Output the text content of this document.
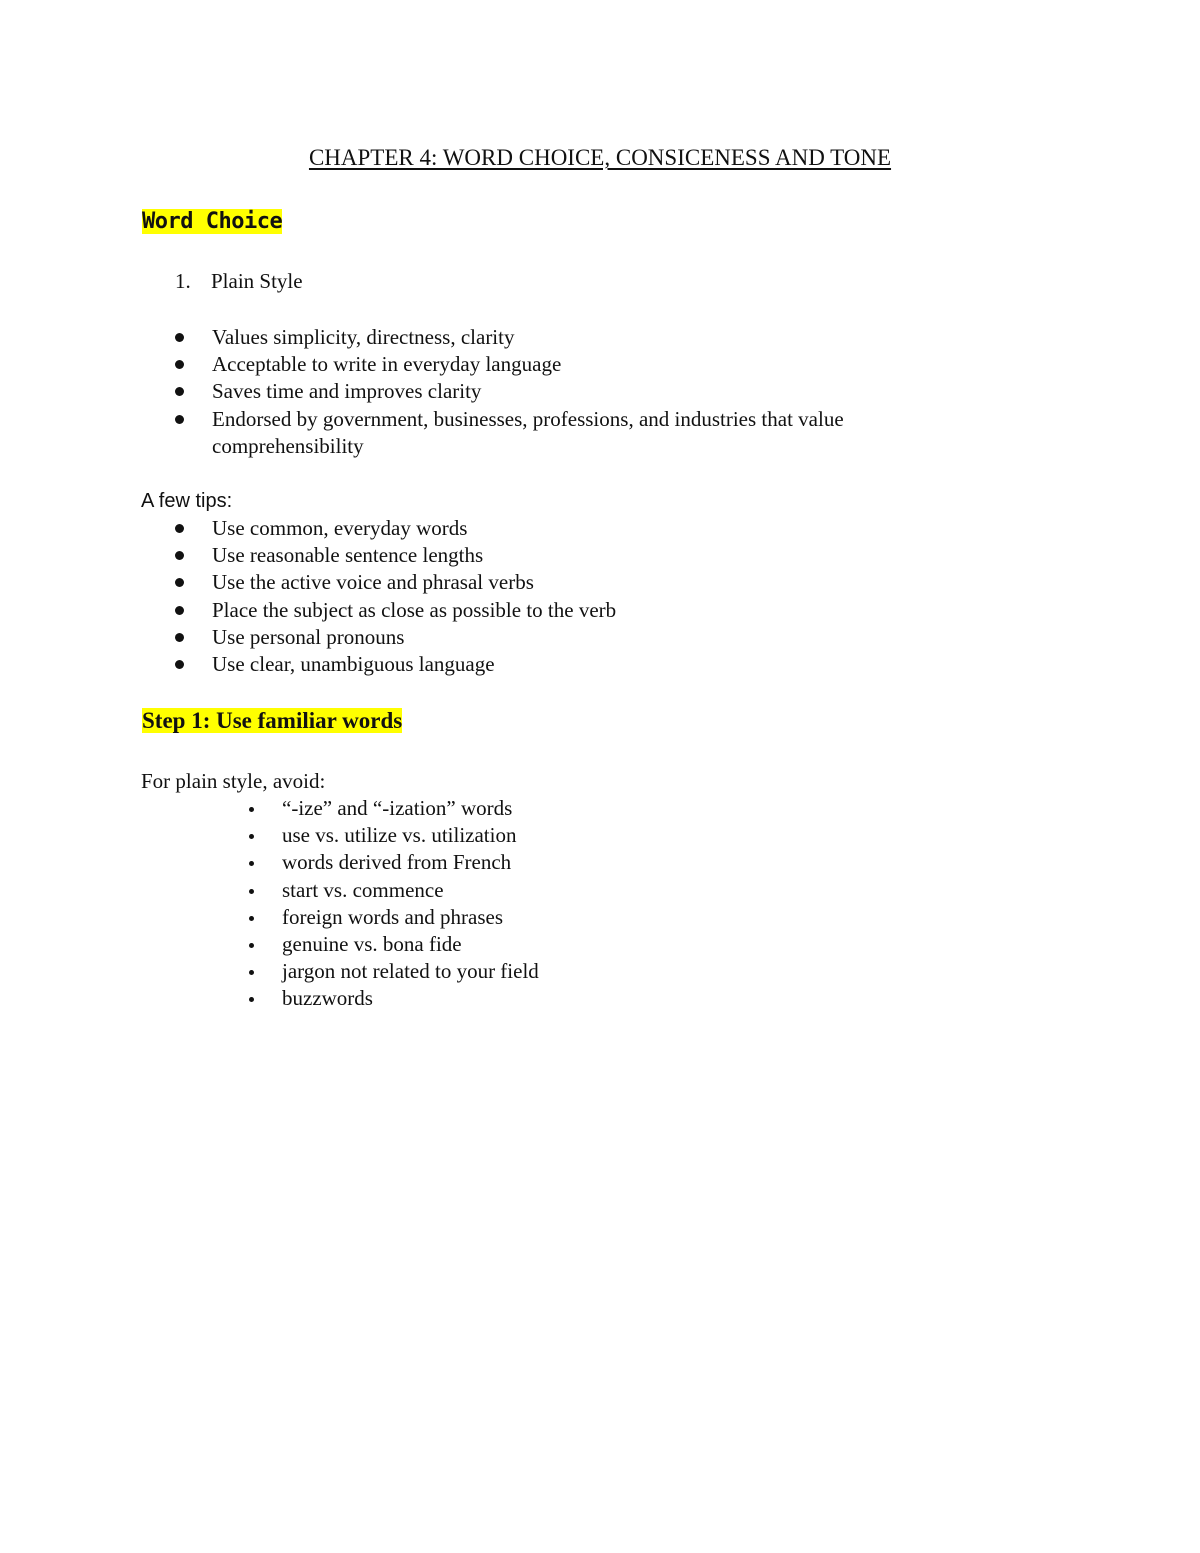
CHAPTER 4: WORD CHOICE, CONSICENESS AND TONE
Word Choice
1. Plain Style
Values simplicity, directness, clarity
Acceptable to write in everyday language
Saves time and improves clarity
Endorsed by government, businesses, professions, and industries that value comprehensibility

A few tips:

Use common, everyday words
Use reasonable sentence lengths
Use the active voice and phrasal verbs
Place the subject as close as possible to the verb
Use personal pronouns
Use clear, unambiguous language
Step 1: Use familiar words

For plain style, avoid:

“-ize” and “-ization” words
use vs. utilize vs. utilization
words derived from French
start vs. commence
foreign words and phrases
genuine vs. bona fide
jargon not related to your field
buzzwords
